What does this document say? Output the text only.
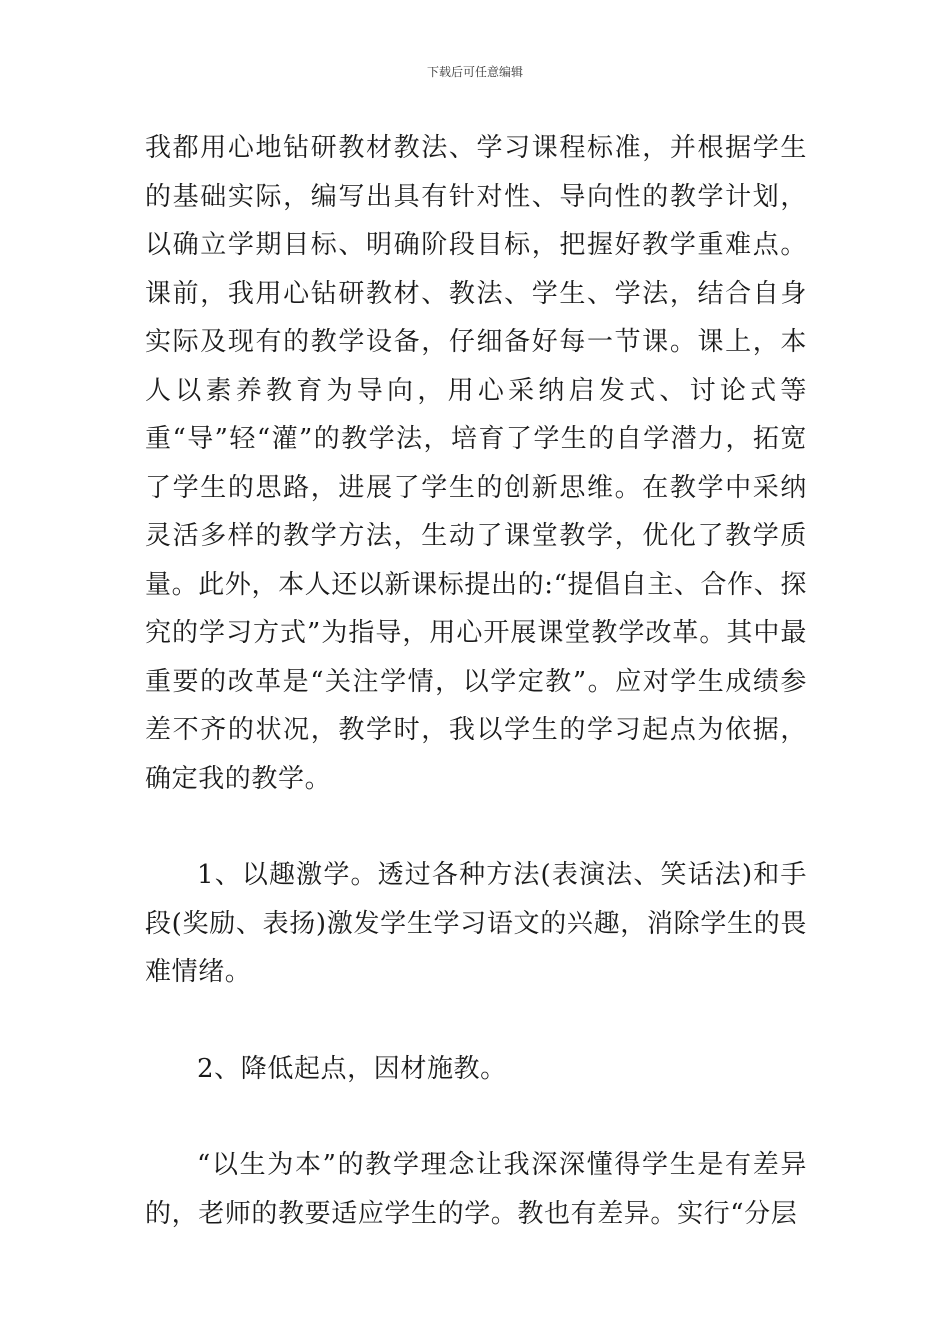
下载后可任意编辑

我都用心地钻研教材教法、学习课程标准，并根据学生的基础实际，编写出具有针对性、导向性的教学计划，以确立学期目标、明确阶段目标，把握好教学重难点。课前，我用心钻研教材、教法、学生、学法，结合自身实际及现有的教学设备，仔细备好每一节课。课上，本人以素养教育为导向，用心采纳启发式、讨论式等重“导”轻“灌”的教学法，培育了学生的自学潜力，拓宽了学生的思路，进展了学生的创新思维。在教学中采纳灵活多样的教学方法，生动了课堂教学，优化了教学质量。此外，本人还以新课标提出的:“提倡自主、合作、探究的学习方式”为指导，用心开展课堂教学改革。其中最重要的改革是“关注学情，以学定教”。应对学生成绩参差不齐的状况，教学时，我以学生的学习起点为依据，确定我的教学。

1、以趣激学。透过各种方法(表演法、笑话法)和手段(奖励、表扬)激发学生学习语文的兴趣，消除学生的畏难情绪。

2、降低起点，因材施教。

“以生为本”的教学理念让我深深懂得学生是有差异的，老师的教要适应学生的学。教也有差异。实行“分层
